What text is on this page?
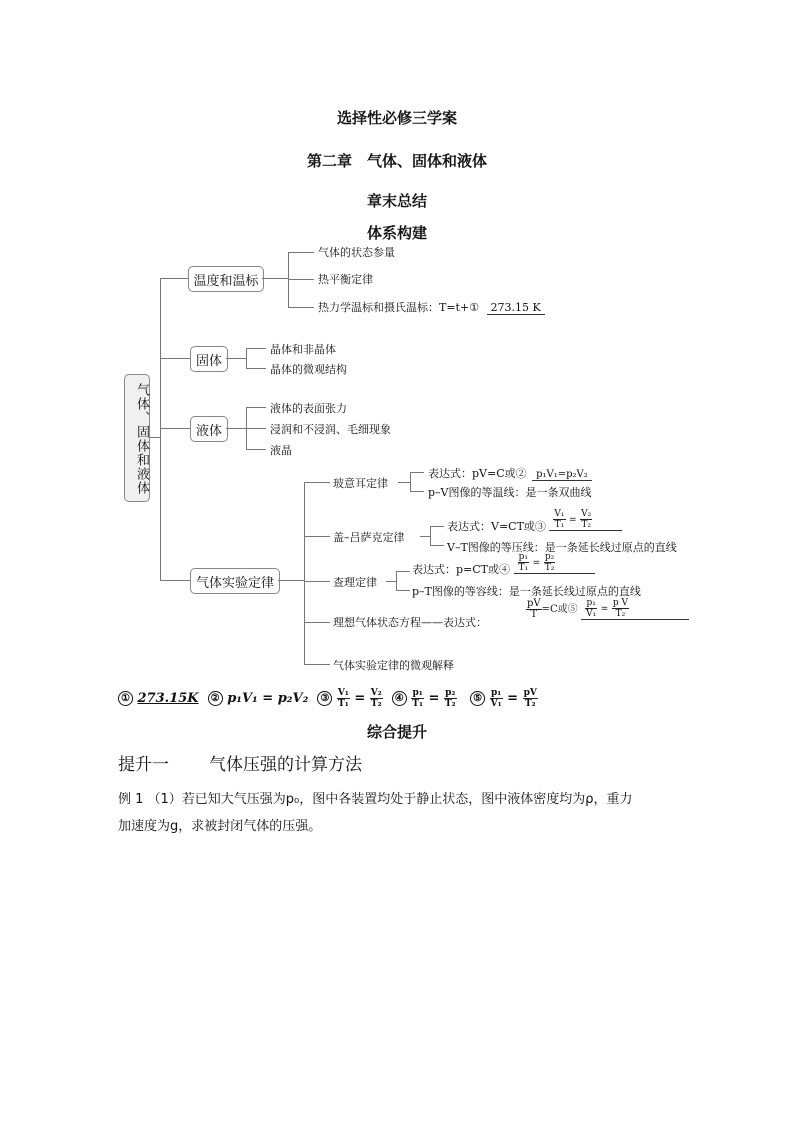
选择性必修三学案
第二章　气体、固体和液体
章末总结
体系构建
气体、固体和液体
温度和温标
气体的状态参量
热平衡定律
热力学温标和摄氏温标：T=t+① 273.15 K
固体
晶体和非晶体
晶体的微观结构
液体
液体的表面张力
浸润和不浸润、毛细现象
液晶
气体实验定律
玻意耳定律
表达式：pV=C或② p₁V₁=p₂V₂
p–V图像的等温线：是一条双曲线
盖–吕萨克定律
表达式：V=CT或③ $\frac{\text{V₁}}{\text{T₁}} = \frac{\text{V₂}}{\text{T₂}}$
V–T图像的等压线：是一条延长线过原点的直线
查理定律
表达式：p=CT或④ $\frac{\text{p₁}}{\text{T₁}} = \frac{\text{p₂}}{\text{T₂}}$
p–T图像的等容线：是一条延长线过原点的直线
理想气体状态方程——表达式：
$\frac{pV}{T} =C$或⑤ $\frac{\text{p₁}}{\text{V₁}} = \frac{\text{p V}}{\text{T₂}}$
气体实验定律的微观解释
① 273.15K ② p₁V₁ = p₂V₂ ③ $\frac{\text{V₁}}{\text{T₁}} = \frac{\text{V₂}}{\text{T₂}}$ ④ $\frac{\text{p₁}}{\text{T₁}} = \frac{\text{p₂}}{\text{T₂}}$ ⑤ $\frac{\text{p₁}}{\text{V₁}} = \frac{pV}{\text{T₂}}$
综合提升
提升一 气体压强的计算方法
例 1 （1）若已知大气压强为p₀，图中各装置均处于静止状态，图中液体密度均为ρ，重力
加速度为g，求被封闭气体的压强。
